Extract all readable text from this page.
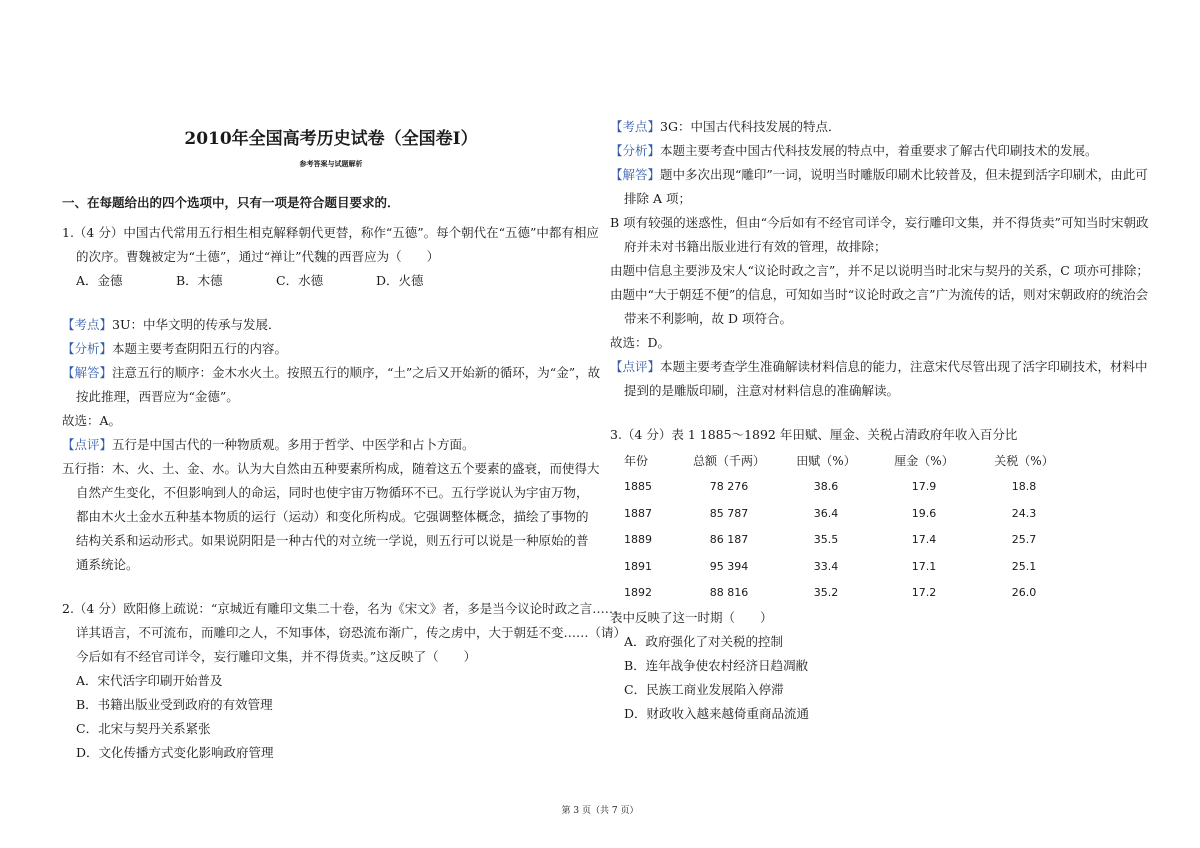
2010年全国高考历史试卷（全国卷Ⅰ）
参考答案与试题解析
一、在每题给出的四个选项中，只有一项是符合题目要求的．
1.（4 分）中国古代常用五行相生相克解释朝代更替，称作“五德”。每个朝代在“五德”中都有相应
的次序。曹魏被定为“土德”，通过“禅让”代魏的西晋应为（　　）
A．金德	B．木德	C．水德	D．火德
【考点】3U：中华文明的传承与发展．
【分析】本题主要考查阴阳五行的内容。
【解答】注意五行的顺序：金木水火土。按照五行的顺序，“土”之后又开始新的循环，为“金”，故
按此推理，西晋应为“金德”。
故选：A。
【点评】五行是中国古代的一种物质观。多用于哲学、中医学和占卜方面。
五行指：木、火、土、金、水。认为大自然由五种要素所构成，随着这五个要素的盛衰，而使得大
自然产生变化，不但影响到人的命运，同时也使宇宙万物循环不已。五行学说认为宇宙万物，
都由木火土金水五种基本物质的运行（运动）和变化所构成。它强调整体概念，描绘了事物的
结构关系和运动形式。如果说阴阳是一种古代的对立统一学说，则五行可以说是一种原始的普
通系统论。
2.（4 分）欧阳修上疏说：“京城近有雕印文集二十卷，名为《宋文》者，多是当今议论时政之言……
详其语言，不可流布，而雕印之人，不知事体，窃恐流布渐广，传之虏中，大于朝廷不变……（请）
今后如有不经官司详令，妄行雕印文集，并不得货卖。”这反映了（　　）
A．宋代活字印刷开始普及
B．书籍出版业受到政府的有效管理
C．北宋与契丹关系紧张
D．文化传播方式变化影响政府管理
【考点】3G：中国古代科技发展的特点．
【分析】本题主要考查中国古代科技发展的特点中，着重要求了解古代印刷技术的发展。
【解答】题中多次出现“雕印”一词，说明当时雕版印刷术比较普及，但未提到活字印刷术，由此可
排除 A 项；
B 项有较强的迷惑性，但由“今后如有不经官司详令，妄行雕印文集，并不得货卖”可知当时宋朝政
府并未对书籍出版业进行有效的管理，故排除；
由题中信息主要涉及宋人“议论时政之言”，并不足以说明当时北宋与契丹的关系，C 项亦可排除；
由题中“大于朝廷不便”的信息，可知如当时“议论时政之言”广为流传的话，则对宋朝政府的统治会
带来不利影响，故 D 项符合。
故选：D。
【点评】本题主要考查学生准确解读材料信息的能力，注意宋代尽管出现了活字印刷技术，材料中
提到的是雕版印刷，注意对材料信息的准确解读。
3.（4 分）表 1 1885～1892 年田赋、厘金、关税占清政府年收入百分比
年份	总额（千两）	田赋（%）	厘金（%）	关税（%）
1885	78 276	38.6	17.9	18.8
1887	85 787	36.4	19.6	24.3
1889	86 187	35.5	17.4	25.7
1891	95 394	33.4	17.1	25.1
1892	88 816	35.2	17.2	26.0
表中反映了这一时期（　　）
A．政府强化了对关税的控制
B．连年战争使农村经济日趋凋敝
C．民族工商业发展陷入停滞
D．财政收入越来越倚重商品流通
第 3 页（共 7 页）
